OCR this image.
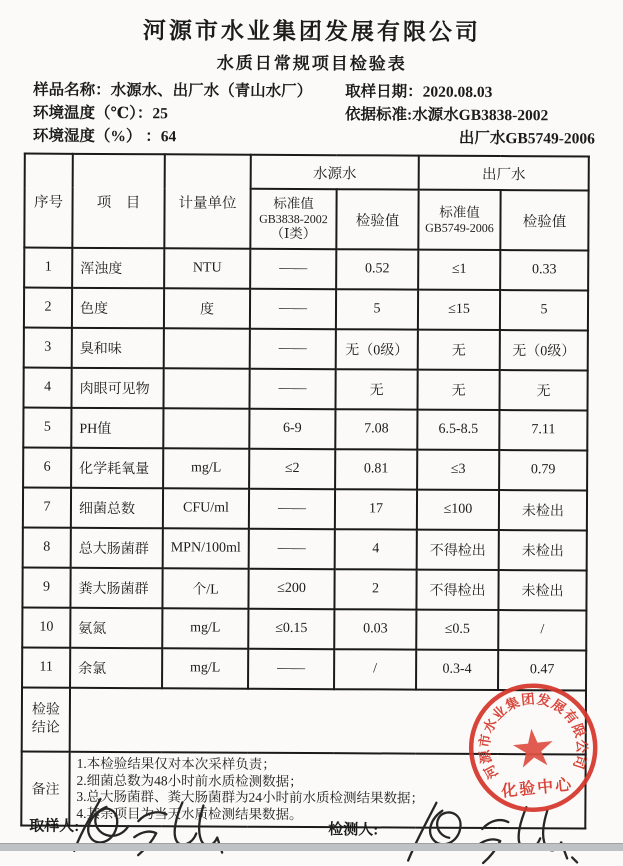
河源市水业集团发展有限公司
水质日常规项目检验表
样品名称：水源水、出厂水（青山水厂）	取样日期：2020.08.03
环境温度（℃）：25	依据标准:水源水GB3838-2002
环境湿度（%） ：64	出厂水GB5749-2006
序号	项　目	计量单位	水源水		出厂水	

标准值
GB3838-2002
（Ⅰ类）
	检验值	
标准值
GB5749-2006	检验值
1	浑浊度	NTU	——	0.52	≤1	0.33
2	色度	度	——	5	≤15	5
3	臭和味		——	无（0级）	无	无（0级）
4	肉眼可见物		——	无	无	无
5	PH值		6-9	7.08	6.5-8.5	7.11
6	化学耗氧量	mg/L	≤2	0.81	≤3	0.79
7	细菌总数	CFU/ml	——	17	≤100	未检出
8	总大肠菌群	MPN/100ml	——	4	不得检出	未检出
9	粪大肠菌群	个/L	≤200	2	不得检出	未检出
10	氨氮	mg/L	≤0.15	0.03	≤0.5	/
11	余氯	mg/L	——	/	0.3-4	0.47

检验
结论						

备注	1.本检验结果仅对本次采样负责；
2.细菌总数为48小时前水质检测数据；
3.总大肠菌群、粪大肠菌群为24小时前水质检测结果数据；
4.其余项目为当天水质检测结果数据。					
取样人:	检测人:
河源市水业集团发展有限公司
★
化验中心
